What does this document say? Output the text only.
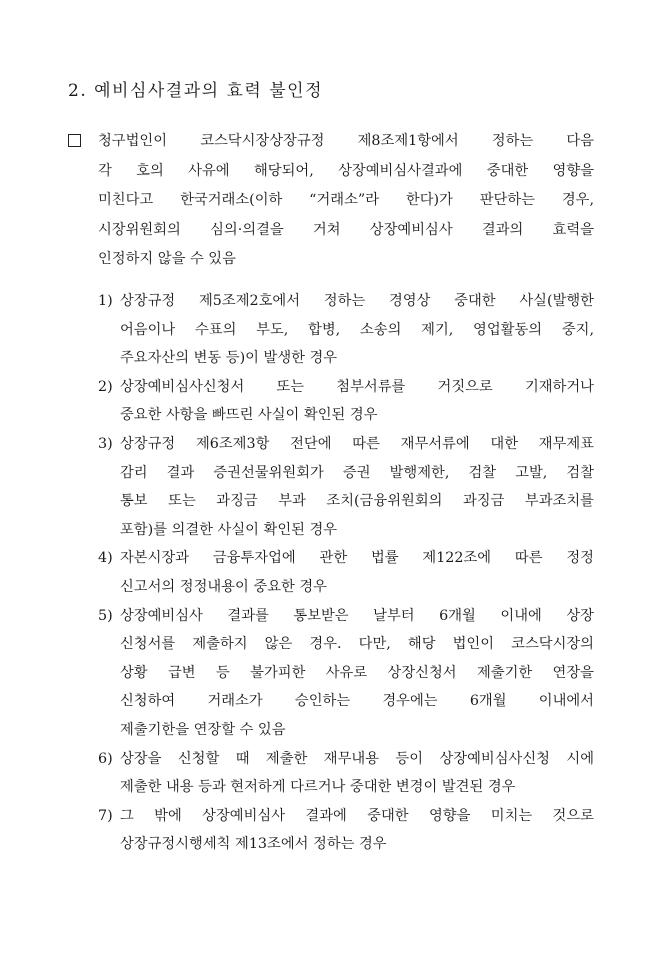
2. 예비심사결과의 효력 불인정
청구법인이 코스닥시장상장규정 제8조제1항에서 정하는 다음
각 호의 사유에 해당되어, 상장예비심사결과에 중대한 영향을
미친다고 한국거래소(이하 “거래소”라 한다)가 판단하는 경우,
시장위원회의 심의·의결을 거쳐 상장예비심사 결과의 효력을
인정하지 않을 수 있음
1) 상장규정 제5조제2호에서 정하는 경영상 중대한 사실(발행한
어음이나 수표의 부도, 합병, 소송의 제기, 영업활동의 중지,
주요자산의 변동 등)이 발생한 경우
2) 상장예비심사신청서 또는 첨부서류를 거짓으로 기재하거나
중요한 사항을 빠뜨린 사실이 확인된 경우
3) 상장규정 제6조제3항 전단에 따른 재무서류에 대한 재무제표
감리 결과 증권선물위원회가 증권 발행제한, 검찰 고발, 검찰
통보 또는 과징금 부과 조치(금융위원회의 과징금 부과조치를
포함)를 의결한 사실이 확인된 경우
4) 자본시장과 금융투자업에 관한 법률 제122조에 따른 정정
신고서의 정정내용이 중요한 경우
5) 상장예비심사 결과를 통보받은 날부터 6개월 이내에 상장
신청서를 제출하지 않은 경우. 다만, 해당 법인이 코스닥시장의
상황 급변 등 불가피한 사유로 상장신청서 제출기한 연장을
신청하여 거래소가 승인하는 경우에는 6개월 이내에서
제출기한을 연장할 수 있음
6) 상장을 신청할 때 제출한 재무내용 등이 상장예비심사신청 시에
제출한 내용 등과 현저하게 다르거나 중대한 변경이 발견된 경우
7) 그 밖에 상장예비심사 결과에 중대한 영향을 미치는 것으로
상장규정시행세칙 제13조에서 정하는 경우
